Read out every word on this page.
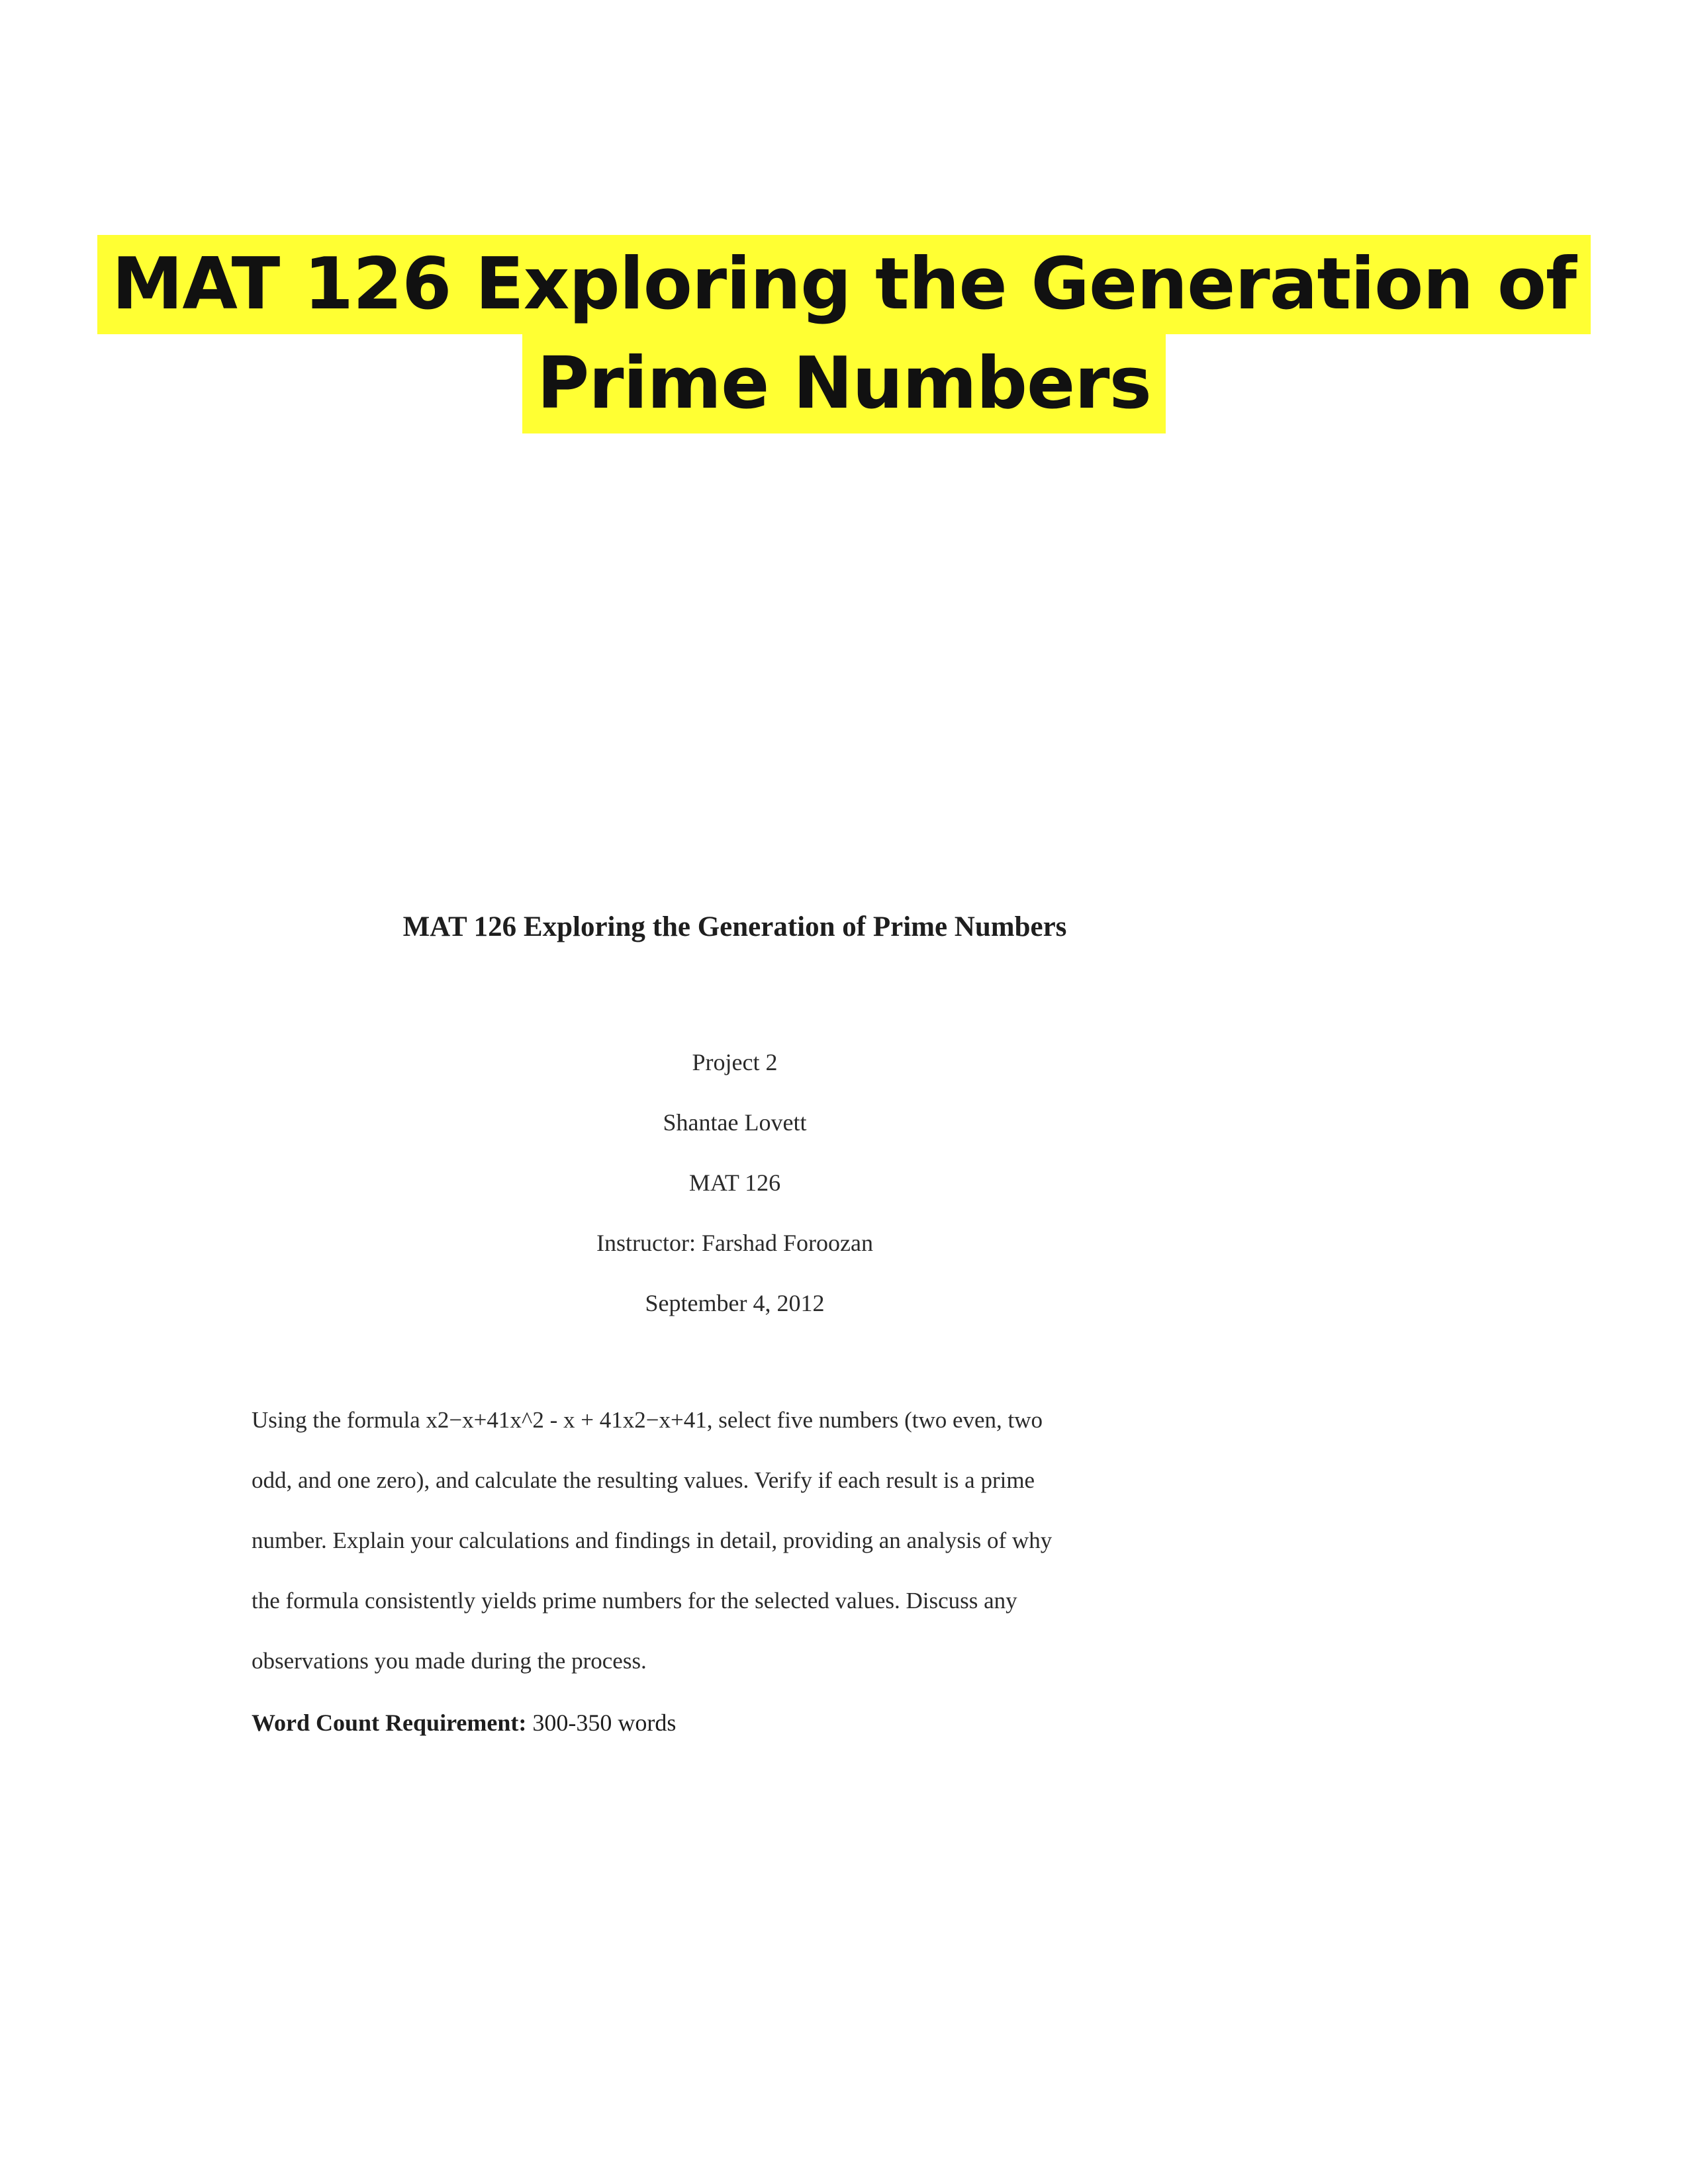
MAT 126 Exploring the Generation of
Prime Numbers
MAT 126 Exploring the Generation of Prime Numbers
Project 2
Shantae Lovett
MAT 126
Instructor: Farshad Foroozan
September 4, 2012
Using the formula x2−x+41x^2 - x + 41x2−x+41, select five numbers (two even, two
odd, and one zero), and calculate the resulting values. Verify if each result is a prime
number. Explain your calculations and findings in detail, providing an analysis of why
the formula consistently yields prime numbers for the selected values. Discuss any
observations you made during the process.
Word Count Requirement: 300-350 words
